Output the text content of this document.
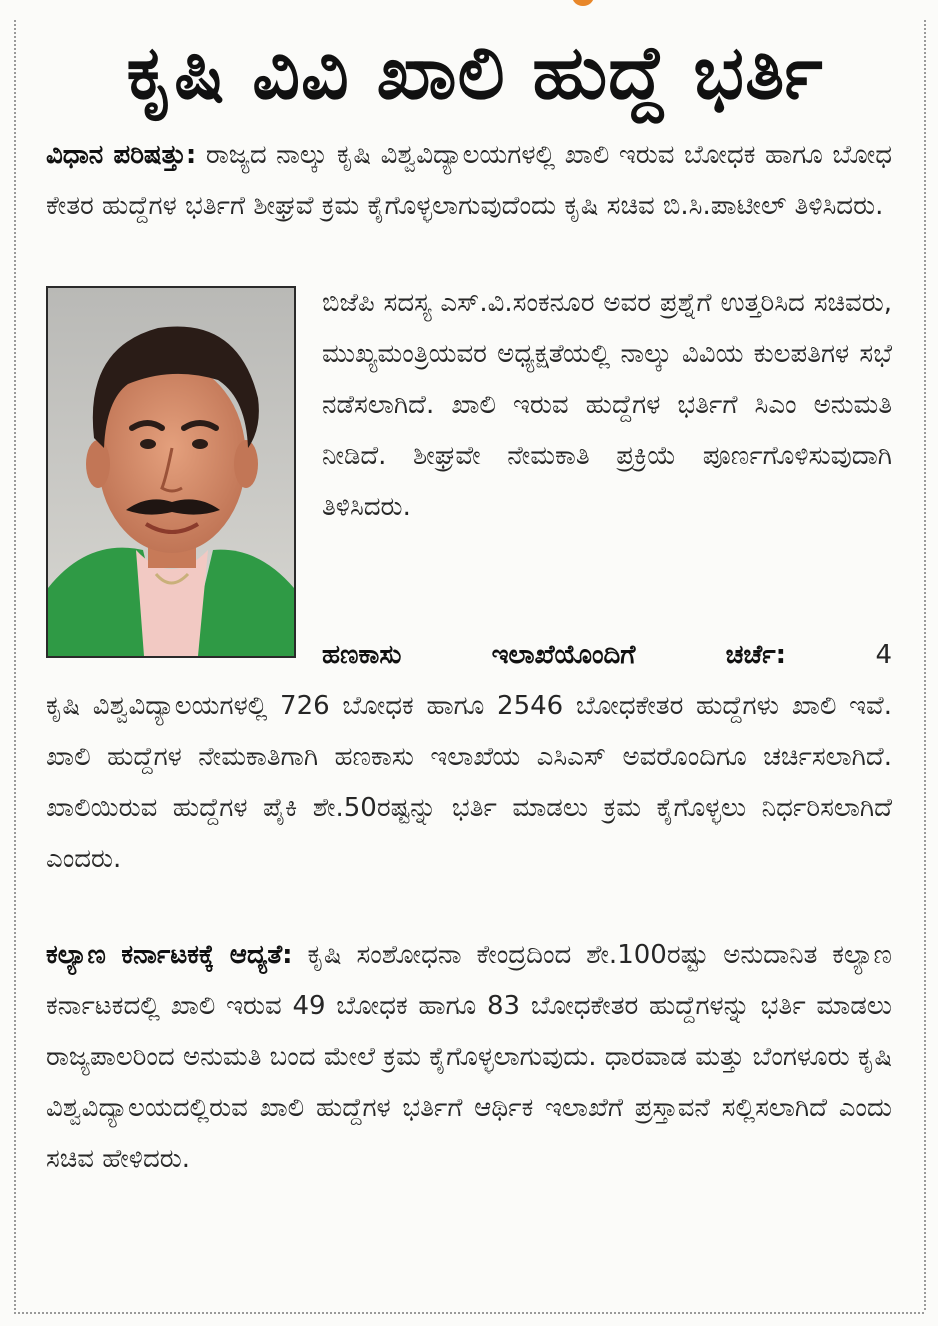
ಕೃಷಿ ವಿವಿ ಖಾಲಿ ಹುದ್ದೆ ಭರ್ತಿ
ವಿಧಾನ ಪರಿಷತ್ತು: ರಾಜ್ಯದ ನಾಲ್ಕು ಕೃಷಿ ವಿಶ್ವವಿದ್ಯಾಲಯಗಳಲ್ಲಿ ಖಾಲಿ ಇರುವ ಬೋಧಕ ಹಾಗೂ ಬೋಧ ಕೇತರ ಹುದ್ದೆಗಳ ಭರ್ತಿಗೆ ಶೀಘ್ರವೆ ಕ್ರಮ ಕೈಗೊಳ್ಳಲಾಗುವುದೆಂದು ಕೃಷಿ ಸಚಿವ ಬಿ.ಸಿ.ಪಾಟೀಲ್ ತಿಳಿಸಿದರು.
ಬಿಜೆಪಿ ಸದಸ್ಯ ಎಸ್.ವಿ.ಸಂಕನೂರ ಅವರ ಪ್ರಶ್ನೆಗೆ ಉತ್ತರಿಸಿದ ಸಚಿವರು, ಮುಖ್ಯಮಂತ್ರಿಯವರ ಅಧ್ಯಕ್ಷತೆಯಲ್ಲಿ ನಾಲ್ಕು ವಿವಿಯ ಕುಲಪತಿಗಳ ಸಭೆ ನಡೆಸಲಾಗಿದೆ. ಖಾಲಿ ಇರುವ ಹುದ್ದೆಗಳ ಭರ್ತಿಗೆ ಸಿಎಂ ಅನುಮತಿ ನೀಡಿದೆ. ಶೀಘ್ರವೇ ನೇಮಕಾತಿ ಪ್ರಕ್ರಿಯೆ ಪೂರ್ಣಗೊಳಿಸುವುದಾಗಿ ತಿಳಿಸಿದರು.
ಹಣಕಾಸು ಇಲಾಖೆಯೊಂದಿಗೆ ಚರ್ಚೆ:	4
ಕೃಷಿ ವಿಶ್ವವಿದ್ಯಾಲಯಗಳಲ್ಲಿ 726 ಬೋಧಕ ಹಾಗೂ 2546 ಬೋಧಕೇತರ ಹುದ್ದೆಗಳು ಖಾಲಿ ಇವೆ. ಖಾಲಿ ಹುದ್ದೆಗಳ ನೇಮಕಾತಿಗಾಗಿ ಹಣಕಾಸು ಇಲಾಖೆಯ ಎಸಿಎಸ್ ಅವರೊಂದಿಗೂ ಚರ್ಚಿಸಲಾಗಿದೆ. ಖಾಲಿಯಿರುವ ಹುದ್ದೆಗಳ ಪೈಕಿ ಶೇ.50ರಷ್ಟನ್ನು ಭರ್ತಿ ಮಾಡಲು ಕ್ರಮ ಕೈಗೊಳ್ಳಲು ನಿರ್ಧರಿಸಲಾಗಿದೆ ಎಂದರು.
ಕಲ್ಯಾಣ ಕರ್ನಾಟಕಕ್ಕೆ ಆದ್ಯತೆ: ಕೃಷಿ ಸಂಶೋಧನಾ ಕೇಂದ್ರದಿಂದ ಶೇ.100ರಷ್ಟು ಅನುದಾನಿತ ಕಲ್ಯಾಣ ಕರ್ನಾಟಕದಲ್ಲಿ ಖಾಲಿ ಇರುವ 49 ಬೋಧಕ ಹಾಗೂ 83 ಬೋಧಕೇತರ ಹುದ್ದೆಗಳನ್ನು ಭರ್ತಿ ಮಾಡಲು ರಾಜ್ಯಪಾಲರಿಂದ ಅನುಮತಿ ಬಂದ ಮೇಲೆ ಕ್ರಮ ಕೈಗೊಳ್ಳಲಾಗುವುದು. ಧಾರವಾಡ ಮತ್ತು ಬೆಂಗಳೂರು ಕೃಷಿ ವಿಶ್ವವಿದ್ಯಾಲಯದಲ್ಲಿರುವ ಖಾಲಿ ಹುದ್ದೆಗಳ ಭರ್ತಿಗೆ ಆರ್ಥಿಕ ಇಲಾಖೆಗೆ ಪ್ರಸ್ತಾವನೆ ಸಲ್ಲಿಸಲಾಗಿದೆ ಎಂದು ಸಚಿವ ಹೇಳಿದರು.
